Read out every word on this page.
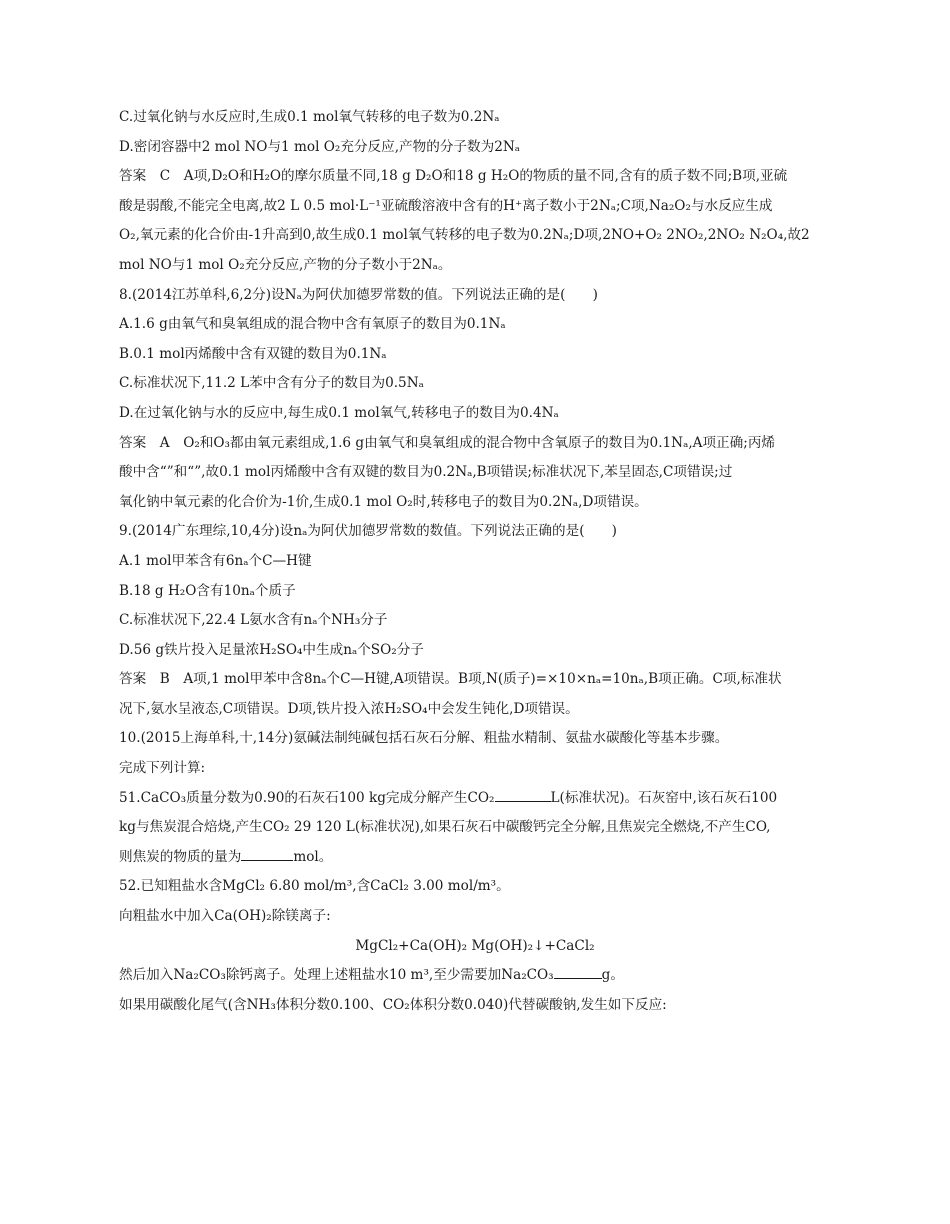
C.过氧化钠与水反应时,生成0.1 mol氧气转移的电子数为0.2Nₐ
D.密闭容器中2 mol NO与1 mol O₂充分反应,产物的分子数为2Nₐ
答案　C　A项,D₂O和H₂O的摩尔质量不同,18 g D₂O和18 g H₂O的物质的量不同,含有的质子数不同;B项,亚硫
酸是弱酸,不能完全电离,故2 L 0.5 mol·L⁻¹亚硫酸溶液中含有的H⁺离子数小于2Nₐ;C项,Na₂O₂与水反应生成
O₂,氧元素的化合价由-1升高到0,故生成0.1 mol氧气转移的电子数为0.2Nₐ;D项,2NO+O₂ 2NO₂,2NO₂ N₂O₄,故2
mol NO与1 mol O₂充分反应,产物的分子数小于2Nₐ。
8.(2014江苏单科,6,2分)设Nₐ为阿伏加德罗常数的值。下列说法正确的是(　　)
A.1.6 g由氧气和臭氧组成的混合物中含有氧原子的数目为0.1Nₐ
B.0.1 mol丙烯酸中含有双键的数目为0.1Nₐ
C.标准状况下,11.2 L苯中含有分子的数目为0.5Nₐ
D.在过氧化钠与水的反应中,每生成0.1 mol氧气,转移电子的数目为0.4Nₐ
答案　A　O₂和O₃都由氧元素组成,1.6 g由氧气和臭氧组成的混合物中含氧原子的数目为0.1Nₐ,A项正确;丙烯
酸中含“”和“”,故0.1 mol丙烯酸中含有双键的数目为0.2Nₐ,B项错误;标准状况下,苯呈固态,C项错误;过
氧化钠中氧元素的化合价为-1价,生成0.1 mol O₂时,转移电子的数目为0.2Nₐ,D项错误。
9.(2014广东理综,10,4分)设nₐ为阿伏加德罗常数的数值。下列说法正确的是(　　)
A.1 mol甲苯含有6nₐ个C—H键
B.18 g H₂O含有10nₐ个质子
C.标准状况下,22.4 L氨水含有nₐ个NH₃分子
D.56 g铁片投入足量浓H₂SO₄中生成nₐ个SO₂分子
答案　B　A项,1 mol甲苯中含8nₐ个C—H键,A项错误。B项,N(质子)=×10×nₐ=10nₐ,B项正确。C项,标准状
况下,氨水呈液态,C项错误。D项,铁片投入浓H₂SO₄中会发生钝化,D项错误。
10.(2015上海单科,十,14分)氨碱法制纯碱包括石灰石分解、粗盐水精制、氨盐水碳酸化等基本步骤。
完成下列计算:
51.CaCO₃质量分数为0.90的石灰石100 kg完成分解产生CO₂	L(标准状况)。石灰窑中,该石灰石100
kg与焦炭混合焙烧,产生CO₂ 29 120 L(标准状况),如果石灰石中碳酸钙完全分解,且焦炭完全燃烧,不产生CO,
则焦炭的物质的量为	mol。
52.已知粗盐水含MgCl₂ 6.80 mol/m³,含CaCl₂ 3.00 mol/m³。
向粗盐水中加入Ca(OH)₂除镁离子:
MgCl₂+Ca(OH)₂ Mg(OH)₂↓+CaCl₂
然后加入Na₂CO₃除钙离子。处理上述粗盐水10 m³,至少需要加Na₂CO₃	g。
如果用碳酸化尾气(含NH₃体积分数0.100、CO₂体积分数0.040)代替碳酸钠,发生如下反应:
